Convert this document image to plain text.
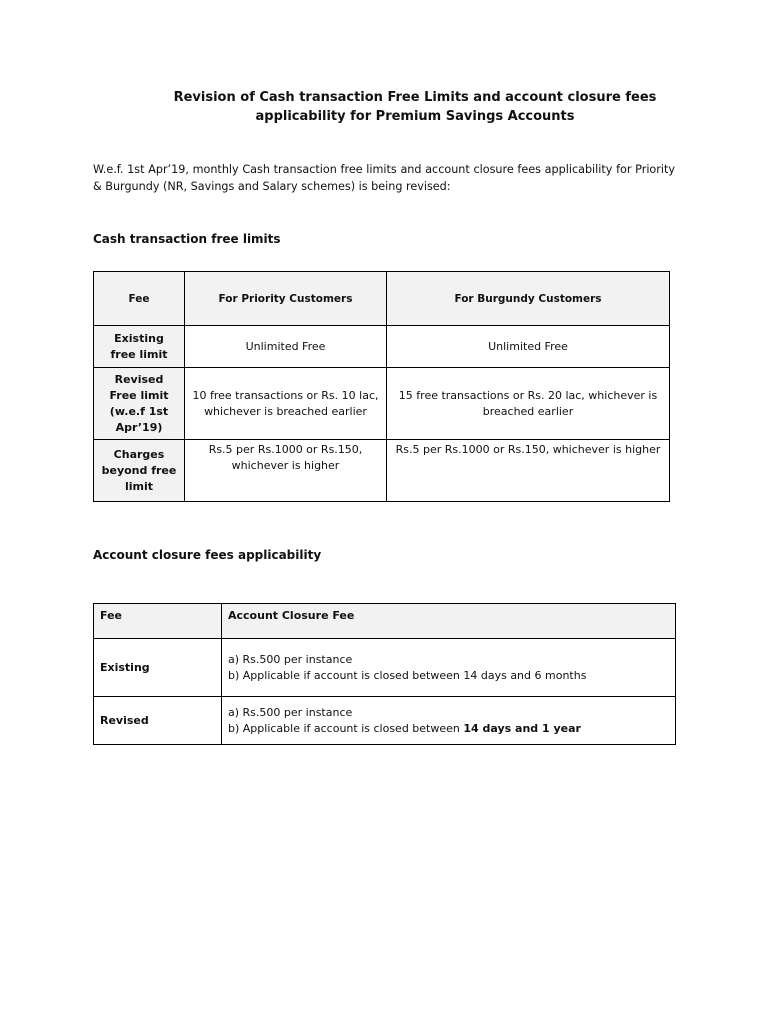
Revision of Cash transaction Free Limits and account closure fees
applicability for Premium Savings Accounts

W.e.f. 1st Apr’19, monthly Cash transaction free limits and account closure fees applicability for Priority & Burgundy (NR, Savings and Salary schemes) is being revised:

Cash transaction free limits
Fee	For Priority Customers	For Burgundy Customers
Existing free limit	Unlimited Free	Unlimited Free
Revised Free limit (w.e.f 1st Apr’19)	10 free transactions or Rs. 10 lac, whichever is breached earlier	15 free transactions or Rs. 20 lac, whichever is breached earlier
Charges beyond free limit	Rs.5 per Rs.1000 or Rs.150, whichever is higher	Rs.5 per Rs.1000 or Rs.150, whichever is higher
Account closure fees applicability
Fee	Account Closure Fee
Existing	a) Rs.500 per instance
b) Applicable if account is closed between 14 days and 6 months

Revised	a) Rs.500 per instance
b) Applicable if account is closed between 14 days and 1 year
